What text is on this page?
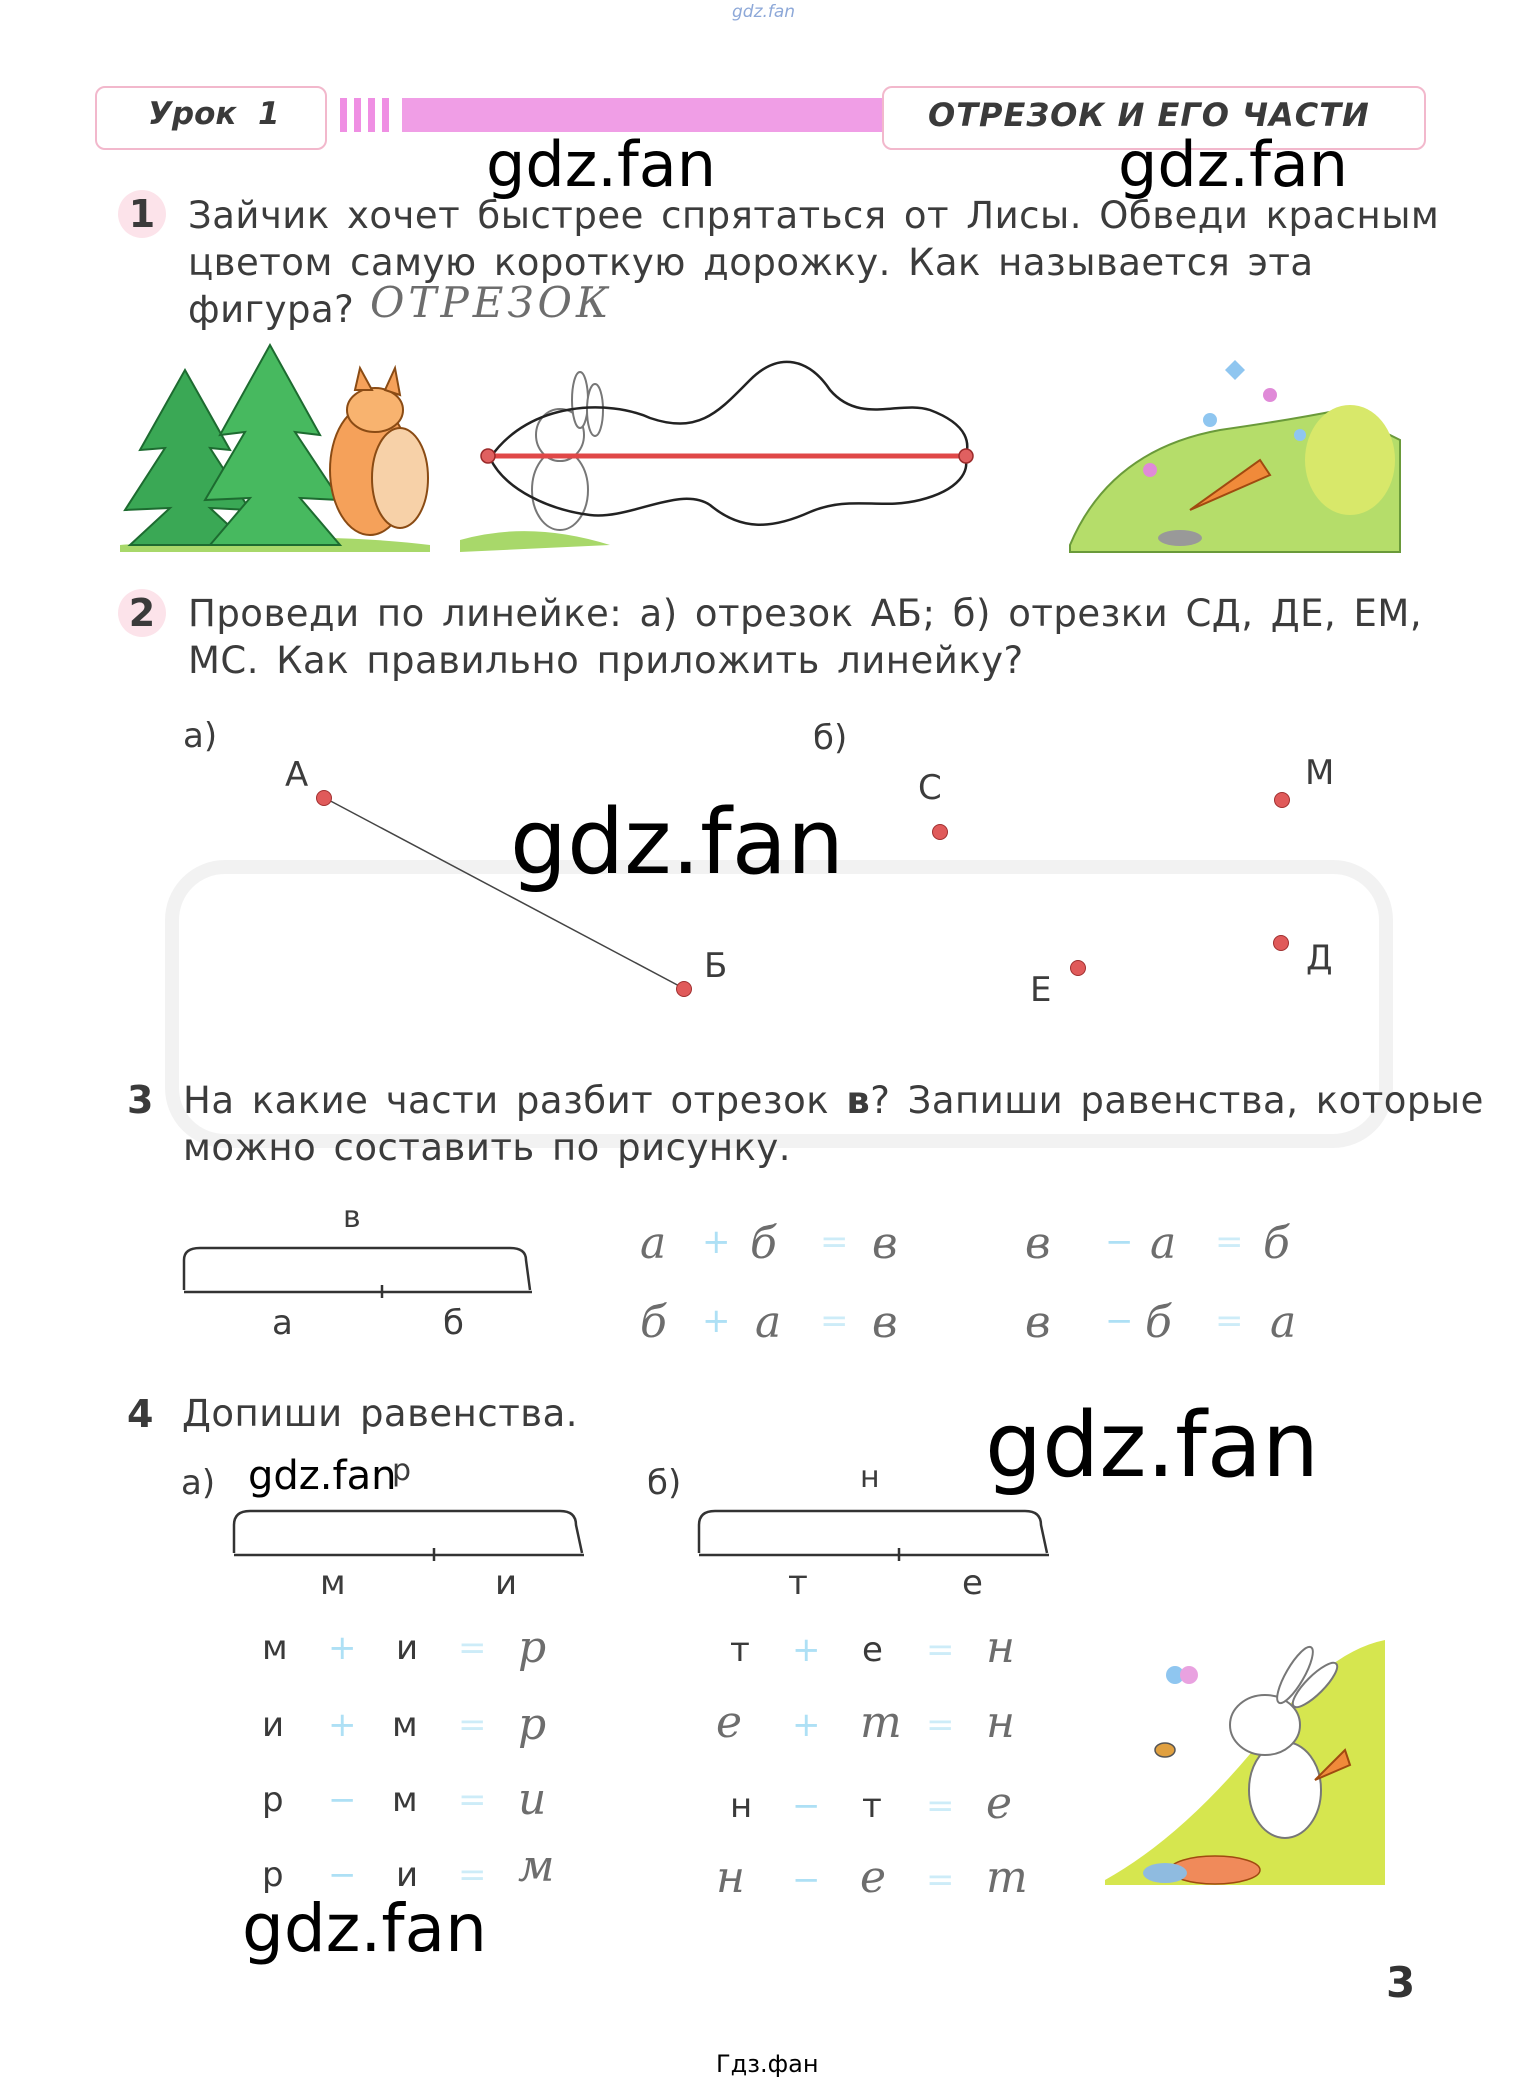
gdz.fan
Урок  1	ОТРЕЗОК И ЕГО ЧАСТИ
gdz.fan	gdz.fan
gdz.fan
gdz.fan
gdz.fan
gdz.fan
1 Зайчик хочет быстрее спрятаться от Лисы. Обведи красным
цветом самую короткую дорожку. Как называется эта
фигура? ОТРЕЗОК
2 Проведи по линейке: а) отрезок АБ; б) отрезки СД, ДЕ, ЕМ,
МС. Как правильно приложить линейку?
а)	б)
А
Б
С	М
Е
Д
3 На какие части разбит отрезок в? Запиши равенства, которые
можно составить по рисунку.
в
а	б
а + б = в	в − а = б
б + а = в	в − б = а
4 Допиши равенства.
а)	р
м	и
б)	н
т	е
м + и = р
и + м = р
р − м = и
р − и = м
т + е = н
е + т = н
н − т = е
н − е = т
3
Гдз.фан
